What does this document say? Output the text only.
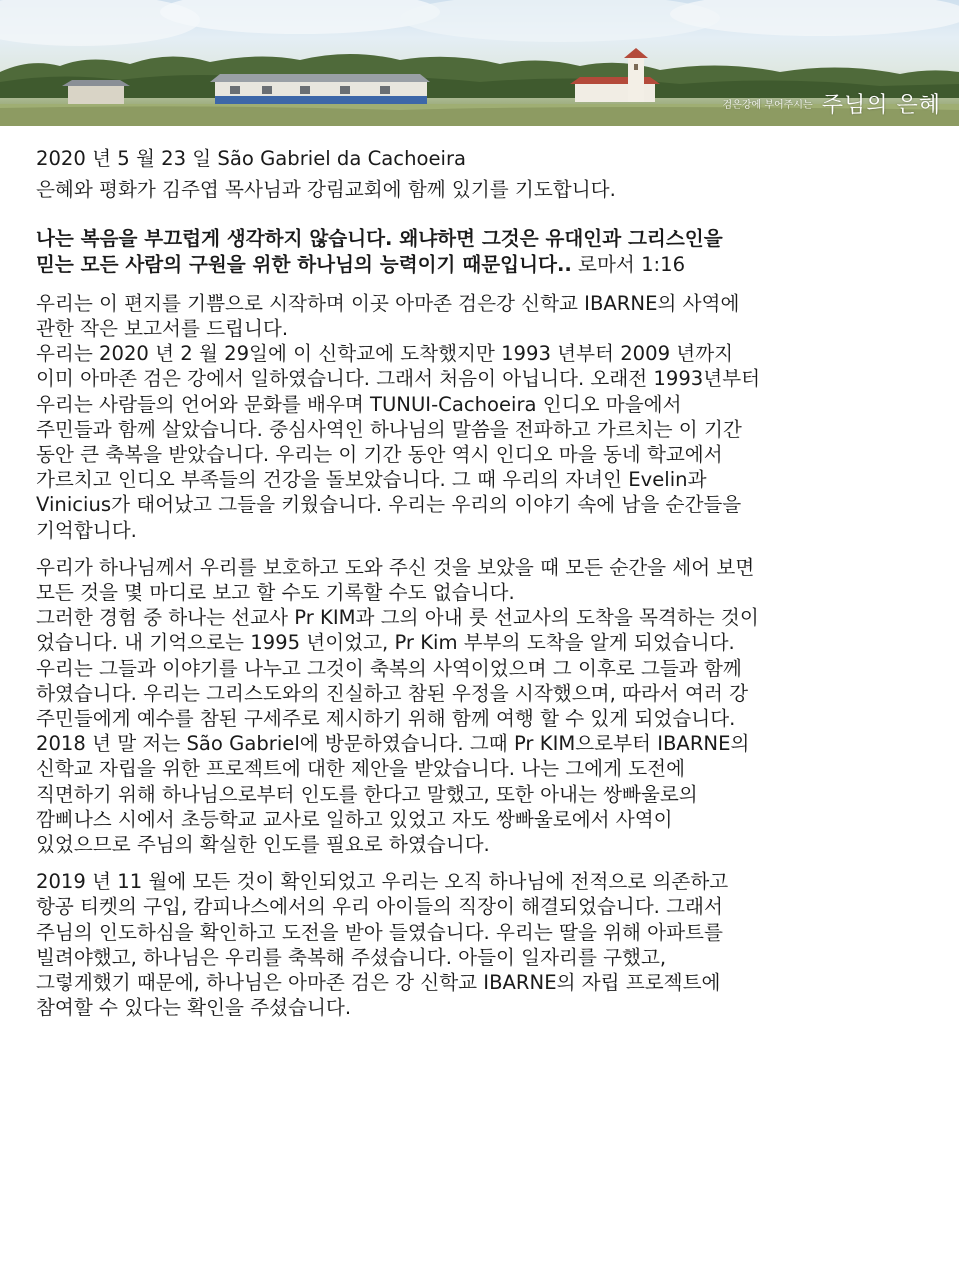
검은강에 부어주시는 주님의 은혜

2020 년 5 월 23 일 São Gabriel da Cachoeira

은혜와 평화가 김주엽 목사님과 강림교회에 함께 있기를 기도합니다.

나는 복음을 부끄럽게 생각하지 않습니다. 왜냐하면 그것은 유대인과 그리스인을
믿는 모든 사람의 구원을 위한 하나님의 능력이기 때문입니다.. 로마서 1:16
우리는 이 편지를 기쁨으로 시작하며 이곳 아마존 검은강 신학교 IBARNE의 사역에
관한 작은 보고서를 드립니다.
우리는 2020 년 2 월 29일에 이 신학교에 도착했지만 1993 년부터 2009 년까지
이미 아마존 검은 강에서 일하였습니다. 그래서 처음이 아닙니다. 오래전 1993년부터
우리는 사람들의 언어와 문화를 배우며 TUNUI-Cachoeira 인디오 마을에서
주민들과 함께 살았습니다. 중심사역인 하나님의 말씀을 전파하고 가르치는 이 기간
동안 큰 축복을 받았습니다. 우리는 이 기간 동안 역시 인디오 마을 동네 학교에서
가르치고 인디오 부족들의 건강을 돌보았습니다. 그 때 우리의 자녀인 Evelin과
Vinicius가 태어났고 그들을 키웠습니다. 우리는 우리의 이야기 속에 남을 순간들을
기억합니다.
우리가 하나님께서 우리를 보호하고 도와 주신 것을 보았을 때 모든 순간을 세어 보면
모든 것을 몇 마디로 보고 할 수도 기록할 수도 없습니다.
그러한 경험 중 하나는 선교사 Pr KIM과 그의 아내 룻 선교사의 도착을 목격하는 것이
었습니다. 내 기억으로는 1995 년이었고, Pr Kim 부부의 도착을 알게 되었습니다.
우리는 그들과 이야기를 나누고 그것이 축복의 사역이었으며 그 이후로 그들과 함께
하였습니다. 우리는 그리스도와의 진실하고 참된 우정을 시작했으며, 따라서 여러 강
주민들에게 예수를 참된 구세주로 제시하기 위해 함께 여행 할 수 있게 되었습니다.
2018 년 말 저는 São Gabriel에 방문하였습니다. 그때 Pr KIM으로부터 IBARNE의
신학교 자립을 위한 프로젝트에 대한 제안을 받았습니다. 나는 그에게 도전에
직면하기 위해 하나님으로부터 인도를 한다고 말했고, 또한 아내는 쌍빠울로의
깜삐나스 시에서 초등학교 교사로 일하고 있었고 자도 쌍빠울로에서 사역이
있었으므로 주님의 확실한 인도를 필요로 하였습니다.
2019 년 11 월에 모든 것이 확인되었고 우리는 오직 하나님에 전적으로 의존하고
항공 티켓의 구입, 캄피나스에서의 우리 아이들의 직장이 해결되었습니다. 그래서
주님의 인도하심을 확인하고 도전을 받아 들였습니다. 우리는 딸을 위해 아파트를
빌려야했고, 하나님은 우리를 축복해 주셨습니다. 아들이 일자리를 구했고,
그렇게했기 때문에, 하나님은 아마존 검은 강 신학교 IBARNE의 자립 프로젝트에
참여할 수 있다는 확인을 주셨습니다.
